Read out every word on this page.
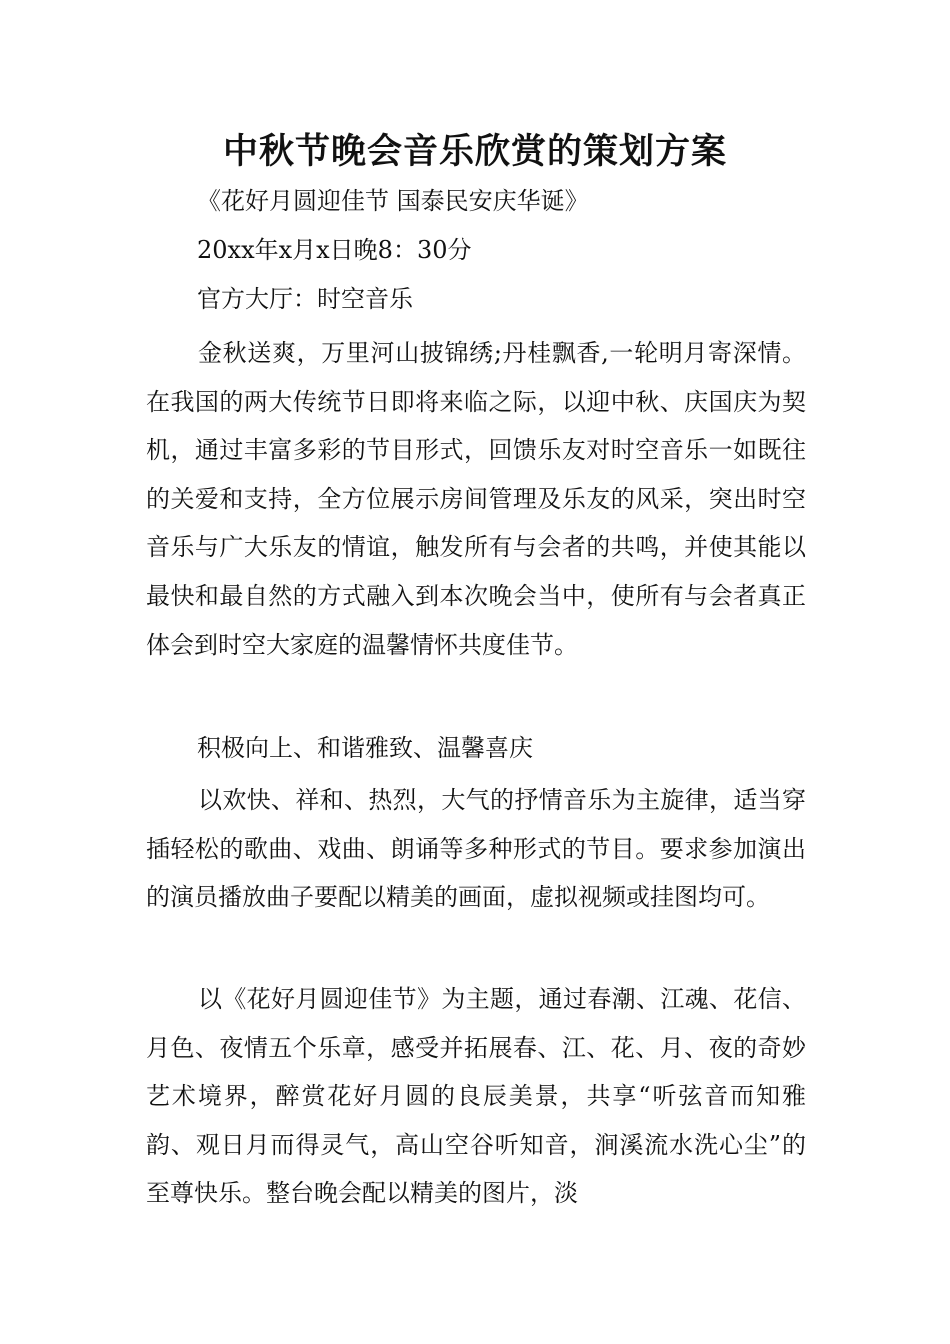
中秋节晚会音乐欣赏的策划方案
《花好月圆迎佳节 国泰民安庆华诞》
20xx年x月x日晚8：30分
官方大厅：时空音乐

金秋送爽，万里河山披锦绣;丹桂飘香,一轮明月寄深情。在我国的两大传统节日即将来临之际，以迎中秋、庆国庆为契机，通过丰富多彩的节目形式，回馈乐友对时空音乐一如既往的关爱和支持，全方位展示房间管理及乐友的风采，突出时空音乐与广大乐友的情谊，触发所有与会者的共鸣，并使其能以最快和最自然的方式融入到本次晚会当中，使所有与会者真正体会到时空大家庭的温馨情怀共度佳节。

积极向上、和谐雅致、温馨喜庆

以欢快、祥和、热烈，大气的抒情音乐为主旋律，适当穿插轻松的歌曲、戏曲、朗诵等多种形式的节目。要求参加演出的演员播放曲子要配以精美的画面，虚拟视频或挂图均可。

以《花好月圆迎佳节》为主题，通过春潮、江魂、花信、月色、夜情五个乐章，感受并拓展春、江、花、月、夜的奇妙艺术境界，醉赏花好月圆的良辰美景，共享“听弦音而知雅韵、观日月而得灵气，高山空谷听知音，涧溪流水洗心尘”的至尊快乐。整台晚会配以精美的图片，淡
